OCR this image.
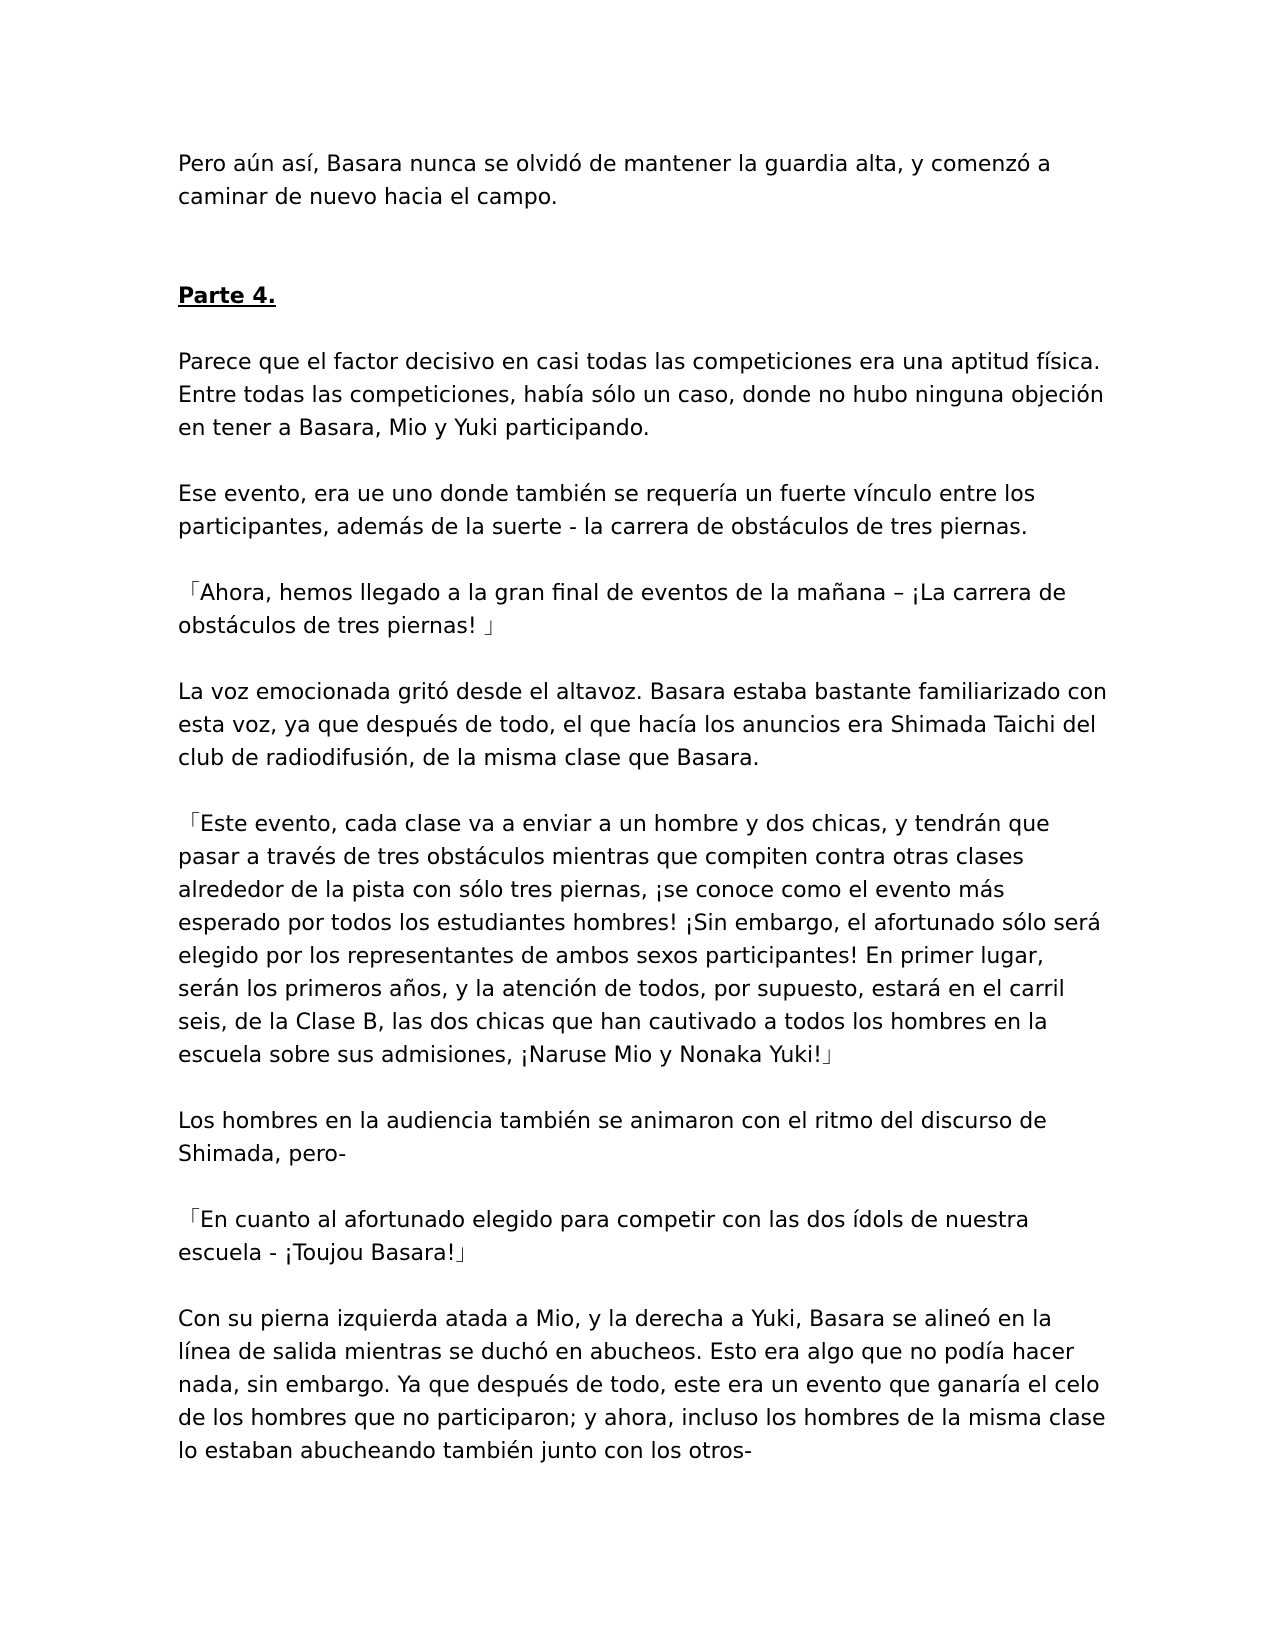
Pero aún así, Basara nunca se olvidó de mantener la guardia alta, y comenzó a caminar de nuevo hacia el campo.

Parte 4.

Parece que el factor decisivo en casi todas las competiciones era una aptitud física. Entre todas las competiciones, había sólo un caso, donde no hubo ninguna objeción en tener a Basara, Mio y Yuki participando.

Ese evento, era ue uno donde también se requería un fuerte vínculo entre los participantes, además de la suerte - la carrera de obstáculos de tres piernas.

「Ahora, hemos llegado a la gran final de eventos de la mañana – ¡La carrera de obstáculos de tres piernas! 」

La voz emocionada gritó desde el altavoz. Basara estaba bastante familiarizado con esta voz, ya que después de todo, el que hacía los anuncios era Shimada Taichi del club de radiodifusión, de la misma clase que Basara.

「Este evento, cada clase va a enviar a un hombre y dos chicas, y tendrán que pasar a través de tres obstáculos mientras que compiten contra otras clases alrededor de la pista con sólo tres piernas, ¡se conoce como el evento más esperado por todos los estudiantes hombres! ¡Sin embargo, el afortunado sólo será elegido por los representantes de ambos sexos participantes! En primer lugar, serán los primeros años, y la atención de todos, por supuesto, estará en el carril seis, de la Clase B, las dos chicas que han cautivado a todos los hombres en la escuela sobre sus admisiones, ¡Naruse Mio y Nonaka Yuki!」

Los hombres en la audiencia también se animaron con el ritmo del discurso de Shimada, pero-

「En cuanto al afortunado elegido para competir con las dos ídols de nuestra escuela - ¡Toujou Basara!」

Con su pierna izquierda atada a Mio, y la derecha a Yuki, Basara se alineó en la línea de salida mientras se duchó en abucheos. Esto era algo que no podía hacer nada, sin embargo. Ya que después de todo, este era un evento que ganaría el celo de los hombres que no participaron; y ahora, incluso los hombres de la misma clase lo estaban abucheando también junto con los otros-
